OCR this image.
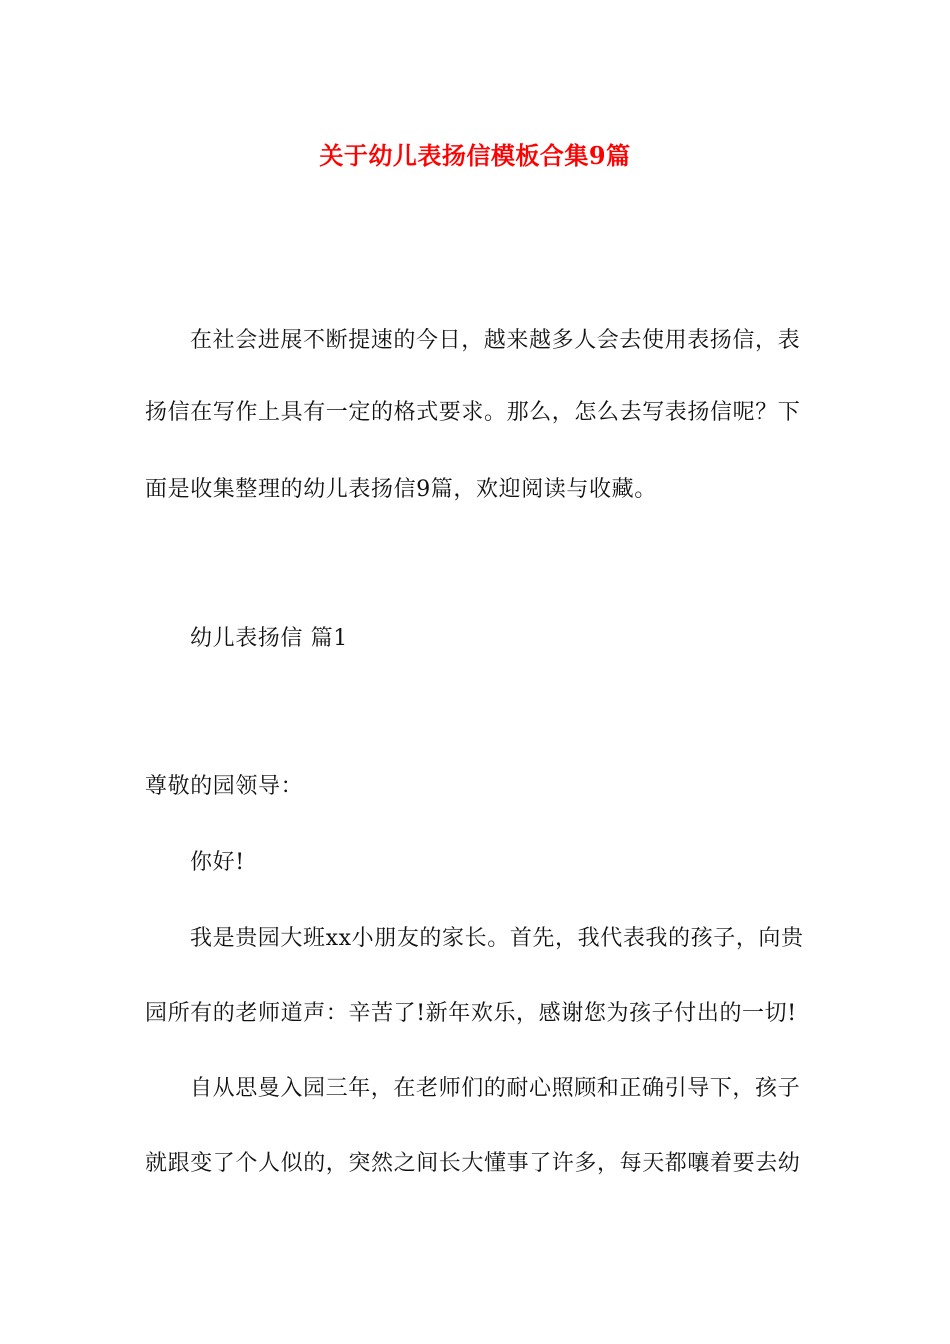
关于幼儿表扬信模板合集9篇
在社会进展不断提速的今日，越来越多人会去使用表扬信，表
扬信在写作上具有一定的格式要求。那么，怎么去写表扬信呢？下
面是收集整理的幼儿表扬信9篇，欢迎阅读与收藏。
幼儿表扬信 篇1
尊敬的园领导：
你好!
我是贵园大班xx小朋友的家长。首先，我代表我的孩子，向贵
园所有的老师道声：辛苦了!新年欢乐，感谢您为孩子付出的一切!
自从思曼入园三年，在老师们的耐心照顾和正确引导下，孩子
就跟变了个人似的，突然之间长大懂事了许多，每天都嚷着要去幼
